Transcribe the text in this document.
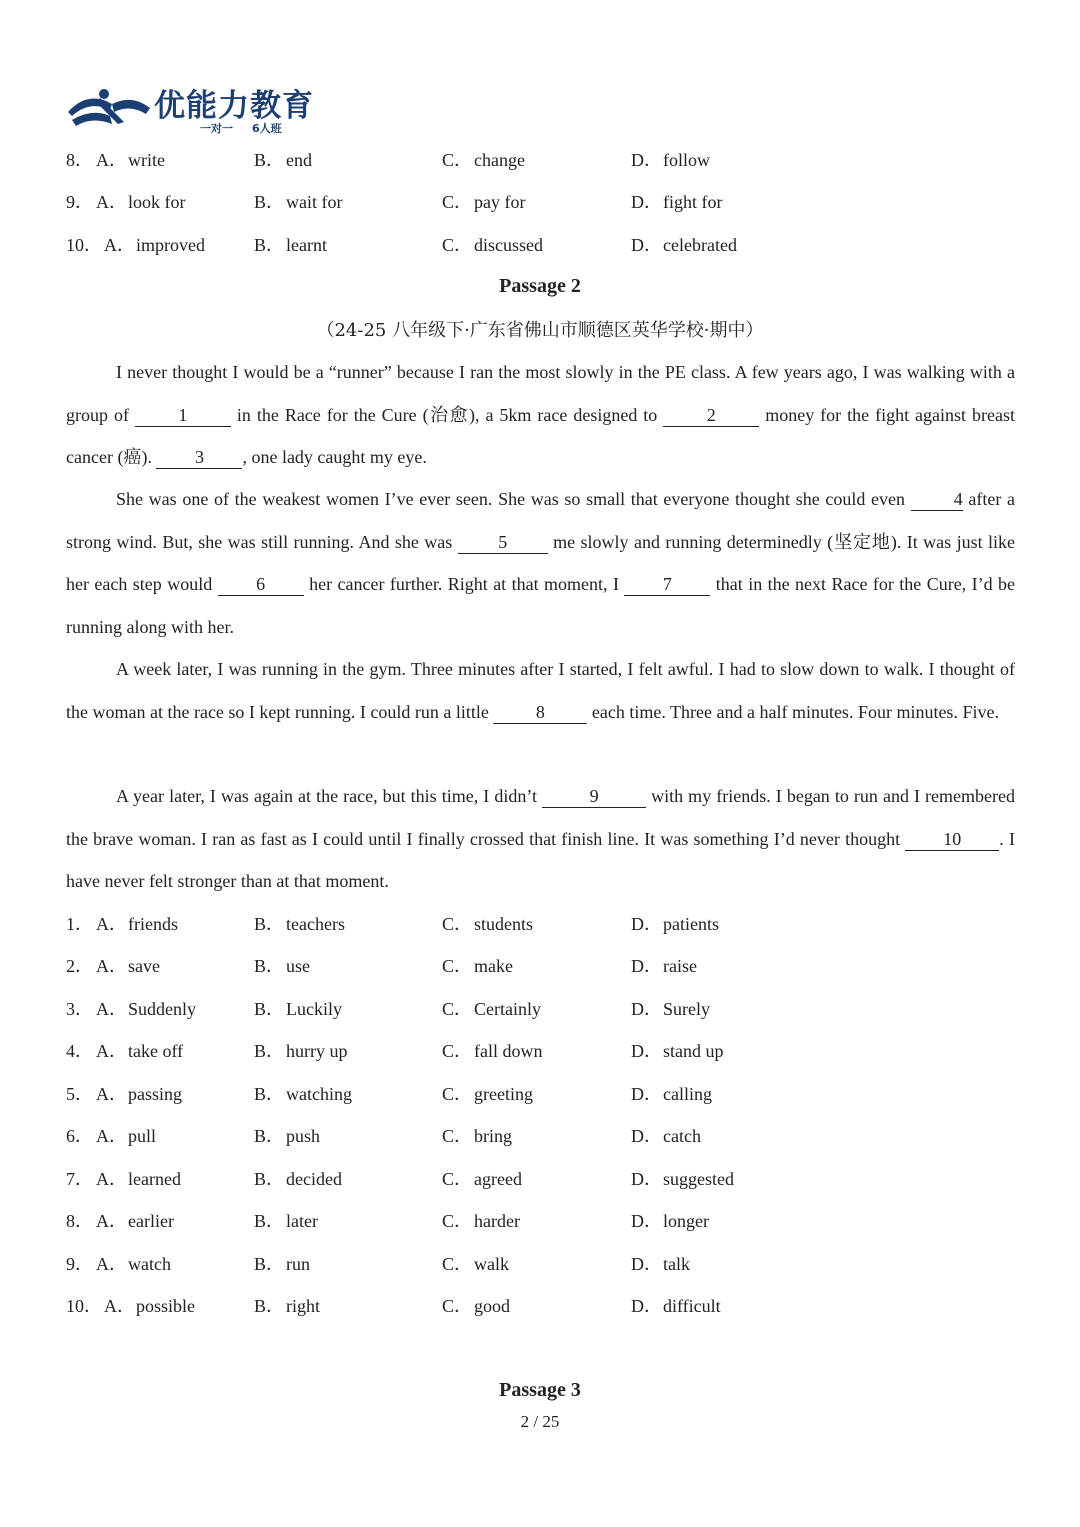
优能力教育
一对一 6人班
8． A．write	B． end	C． change	D．follow
9． A．look for	B． wait for	C． pay for	D．fight for
10． A．improved	B． learnt	C． discussed	D．celebrated
Passage 2
（24-25 八年级下·广东省佛山市顺德区英华学校·期中）

I never thought I would be a “runner” because I ran the most slowly in the PE class. A few years ago, I was walking with a group of 1 in the Race for the Cure (治愈), a 5km race designed to 2 money for the fight against breast cancer (癌). 3 , one lady caught my eye.

She was one of the weakest women I’ve ever seen. She was so small that everyone thought she could even 4 after a strong wind. But, she was still running. And she was 5 me slowly and running determinedly (坚定地). It was just like her each step would 6 her cancer further. Right at that moment, I 7 that in the next Race for the Cure, I’d be running along with her.

A week later, I was running in the gym. Three minutes after I started, I felt awful. I had to slow down to walk. I thought of the woman at the race so I kept running. I could run a little 8 each time. Three and a half minutes. Four minutes. Five.

A year later, I was again at the race, but this time, I didn’t	9	with my friends. I began to run and I remembered the brave woman. I ran as fast as I could until I finally crossed that finish line. It was something I’d never thought 10 . I have never felt stronger than at that moment.

1． A．friends	B． teachers	C． students	D．patients
2． A．save	B． use	C． make	D．raise
3． A．Suddenly	B． Luckily	C． Certainly	D．Surely
4． A．take off	B． hurry up	C． fall down	D．stand up
5． A．passing	B． watching	C． greeting	D．calling
6． A．pull	B． push	C． bring	D．catch
7． A．learned	B． decided	C． agreed	D．suggested
8． A．earlier	B． later	C． harder	D．longer
9． A．watch	B． run	C． walk	D．talk
10． A．possible	B． right	C． good	D．difficult
Passage 3
2 / 25
